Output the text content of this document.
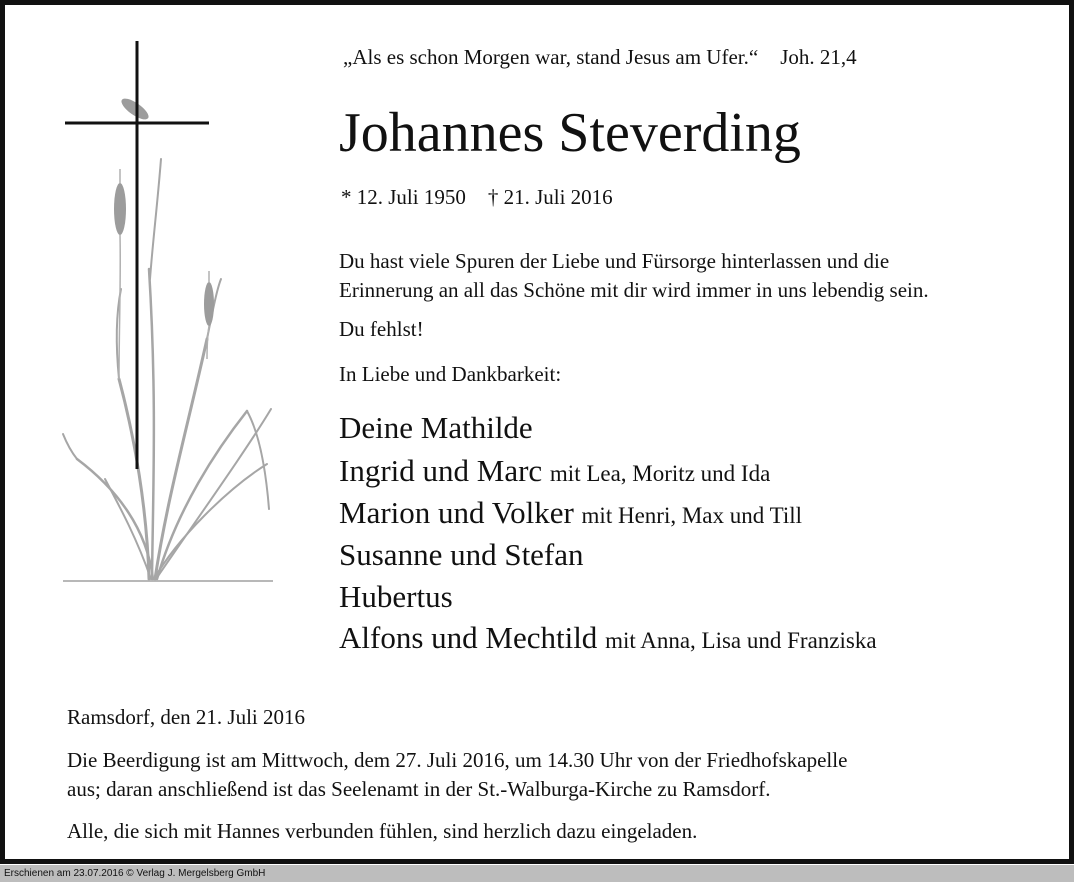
„Als es schon Morgen war, stand Jesus am Ufer.“ Joh. 21,4

Johannes Steverding

* 12. Juli 1950 † 21. Juli 2016

Du hast viele Spuren der Liebe und Fürsorge hinterlassen und die
Erinnerung an all das Schöne mit dir wird immer in uns lebendig sein.

Du fehlst!

In Liebe und Dankbarkeit:

Deine Mathilde

Ingrid und Marc mit Lea, Moritz und Ida

Marion und Volker mit Henri, Max und Till

Susanne und Stefan

Hubertus

Alfons und Mechtild mit Anna, Lisa und Franziska

Ramsdorf, den 21. Juli 2016

Die Beerdigung ist am Mittwoch, dem 27. Juli 2016, um 14.30 Uhr von der Friedhofskapelle
aus; daran anschließend ist das Seelenamt in der St.-Walburga-Kirche zu Ramsdorf.

Alle, die sich mit Hannes verbunden fühlen, sind herzlich dazu eingeladen.

Erschienen am 23.07.2016 © Verlag J. Mergelsberg GmbH
